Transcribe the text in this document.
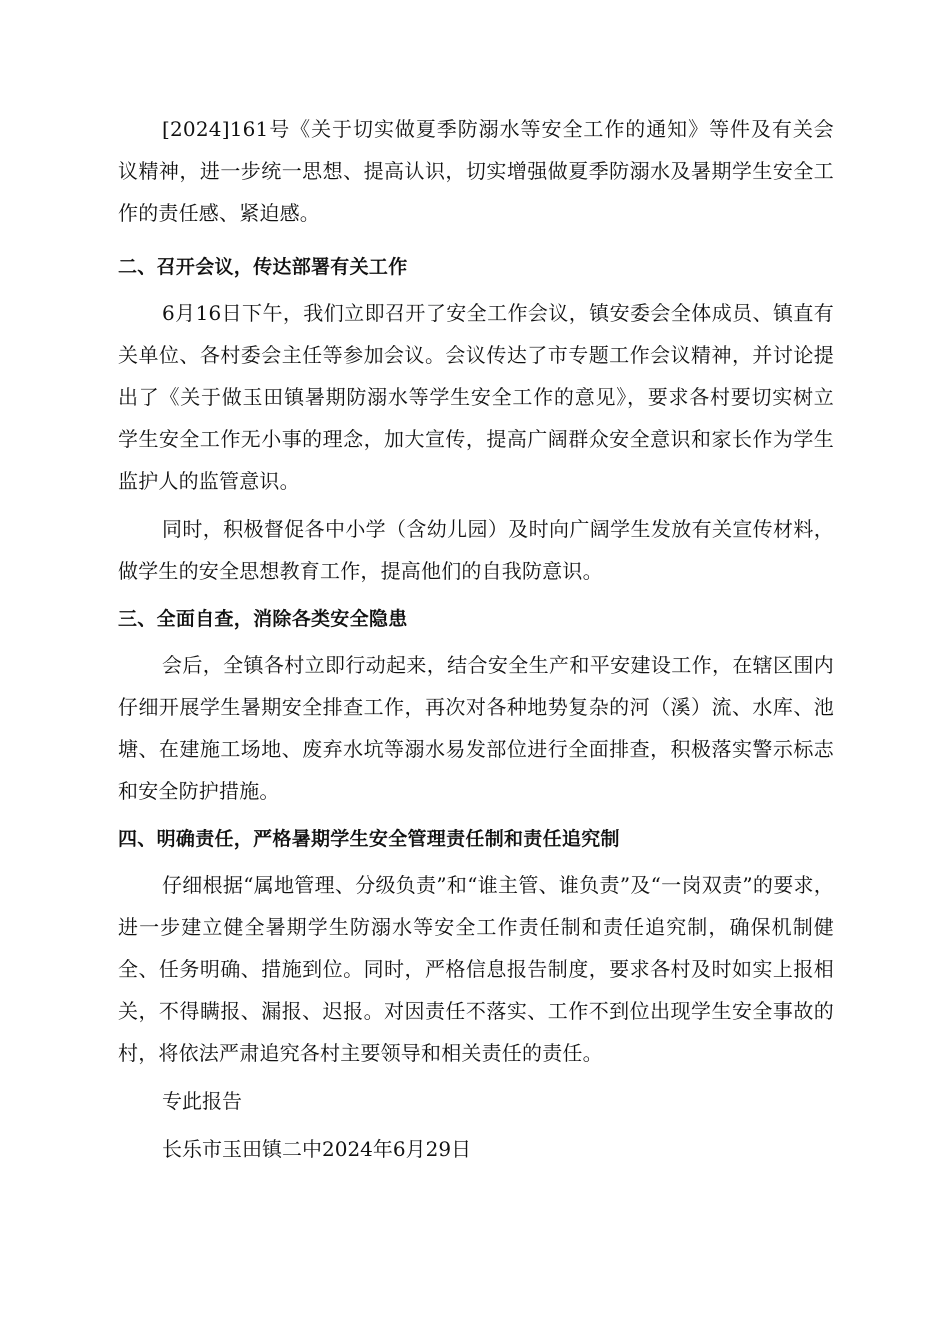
[2024]161号《关于切实做夏季防溺水等安全工作的通知》等件及有关会议精神，进一步统一思想、提高认识，切实增强做夏季防溺水及暑期学生安全工作的责任感、紧迫感。

二、召开会议，传达部署有关工作

6月16日下午，我们立即召开了安全工作会议，镇安委会全体成员、镇直有关单位、各村委会主任等参加会议。会议传达了市专题工作会议精神，并讨论提出了《关于做玉田镇暑期防溺水等学生安全工作的意见》，要求各村要切实树立学生安全工作无小事的理念，加大宣传，提高广阔群众安全意识和家长作为学生监护人的监管意识。

同时，积极督促各中小学（含幼儿园）及时向广阔学生发放有关宣传材料，做学生的安全思想教育工作，提高他们的自我防意识。

三、全面自查，消除各类安全隐患

会后，全镇各村立即行动起来，结合安全生产和平安建设工作，在辖区围内仔细开展学生暑期安全排查工作，再次对各种地势复杂的河（溪）流、水库、池塘、在建施工场地、废弃水坑等溺水易发部位进行全面排查，积极落实警示标志和安全防护措施。

四、明确责任，严格暑期学生安全管理责任制和责任追究制

仔细根据“属地管理、分级负责”和“谁主管、谁负责”及“一岗双责”的要求，进一步建立健全暑期学生防溺水等安全工作责任制和责任追究制，确保机制健全、任务明确、措施到位。同时，严格信息报告制度，要求各村及时如实上报相关，不得瞒报、漏报、迟报。对因责任不落实、工作不到位出现学生安全事故的村，将依法严肃追究各村主要领导和相关责任的责任。

专此报告

长乐市玉田镇二中2024年6月29日
